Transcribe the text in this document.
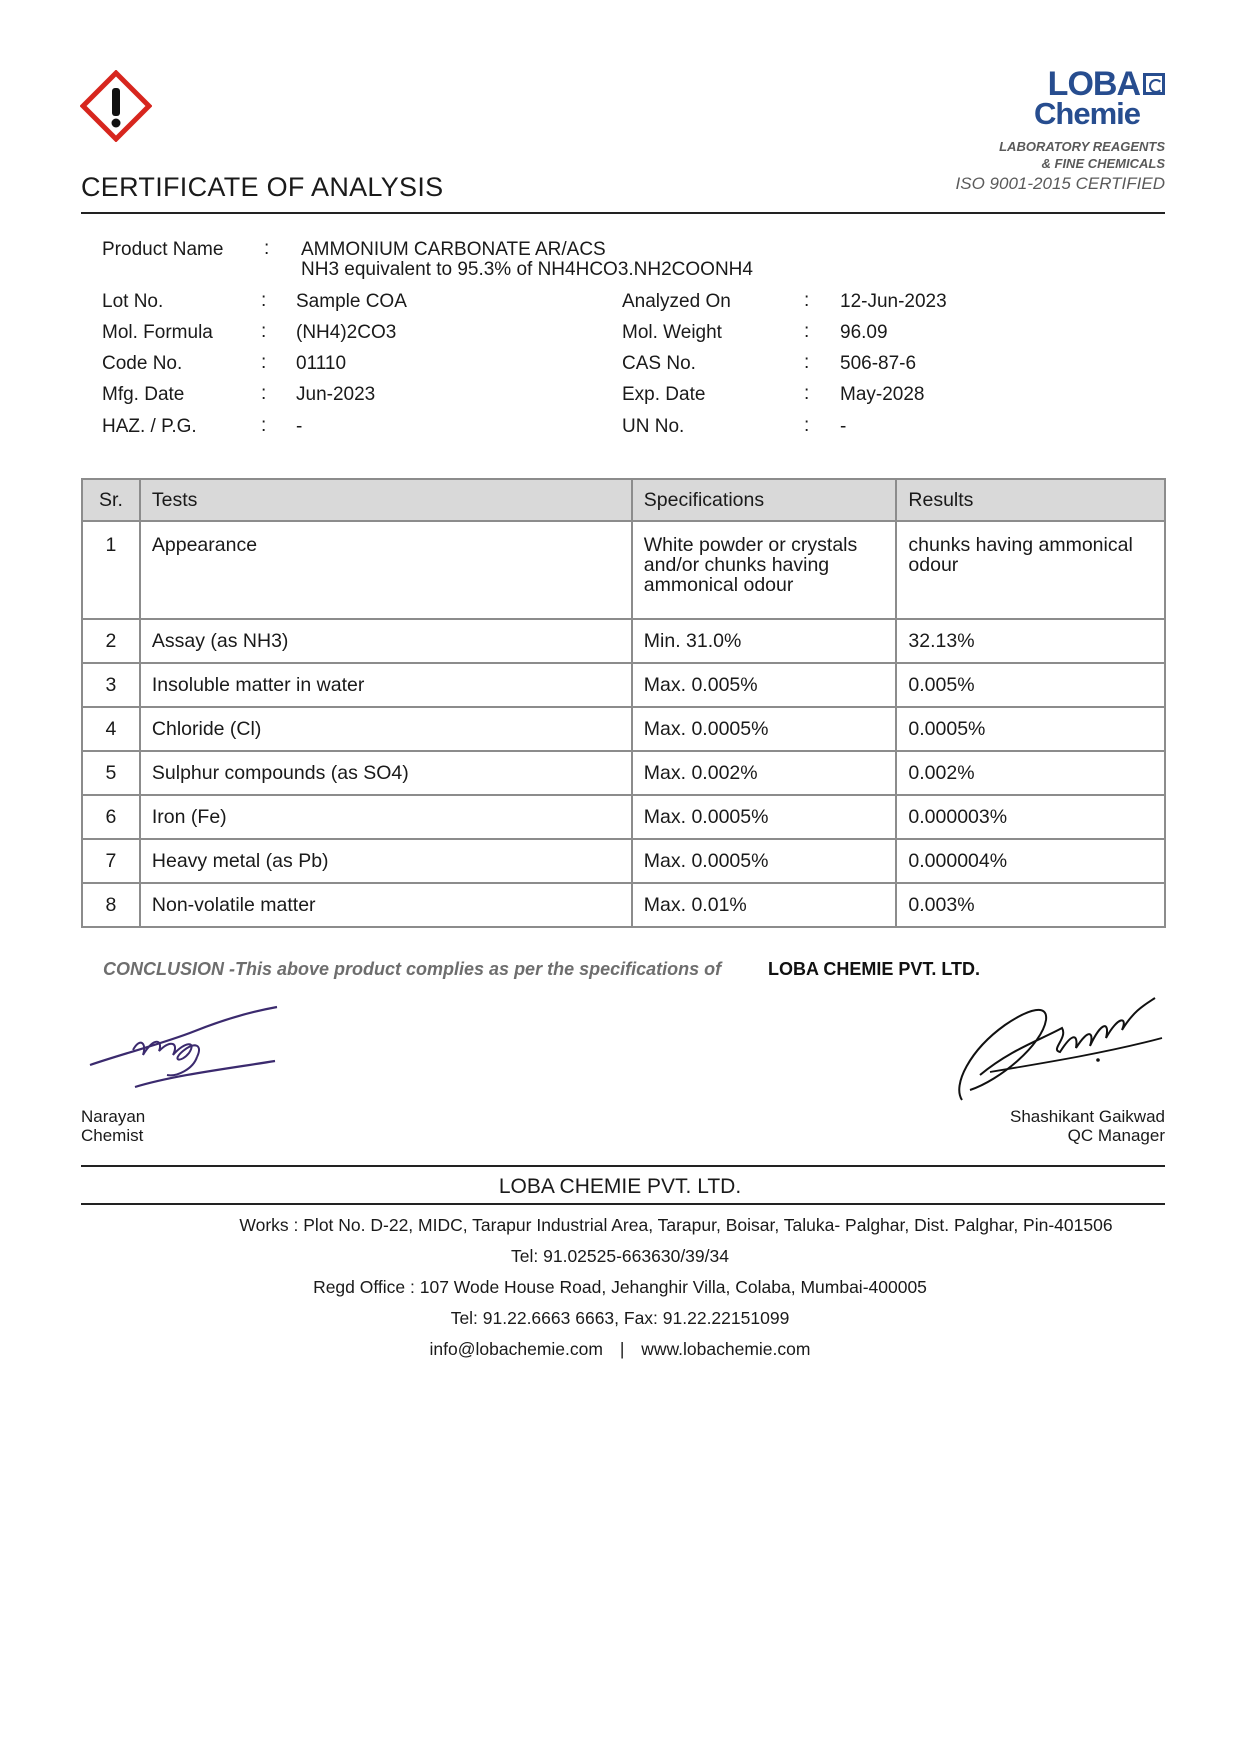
LOBA
Chemie
LABORATORY REAGENTS
& FINE CHEMICALS
ISO 9001-2015 CERTIFIED
CERTIFICATE OF ANALYSIS
Product Name : AMMONIUM CARBONATE AR/ACS
NH3 equivalent to 95.3% of NH4HCO3.NH2COONH4
Lot No.	: Sample COA
Mol. Formula	: (NH4)2CO3
Code No.	: 01110
Mfg. Date	: Jun-2023
HAZ. / P.G.	: -
Analyzed On	: 12-Jun-2023
Mol. Weight	: 96.09
CAS No.	: 506-87-6
Exp. Date	: May-2028
UN No.	: -
Sr.	Tests	Specifications	Results
1	Appearance	White powder or crystals and/or chunks having ammonical odour	chunks having ammonical odour
2	Assay (as NH3)	Min. 31.0%	32.13%
3	Insoluble matter in water	Max. 0.005%	0.005%
4	Chloride (Cl)	Max. 0.0005%	0.0005%
5	Sulphur compounds (as SO4)	Max. 0.002%	0.002%
6	Iron (Fe)	Max. 0.0005%	0.000003%
7	Heavy metal (as Pb)	Max. 0.0005%	0.000004%
8	Non-volatile matter	Max. 0.01%	0.003%
CONCLUSION -This above product complies as per the specifications of	LOBA CHEMIE PVT. LTD.
Narayan
Chemist
Shashikant Gaikwad
QC Manager
LOBA CHEMIE PVT. LTD.
Works : Plot No. D-22, MIDC, Tarapur Industrial Area, Tarapur, Boisar, Taluka- Palghar, Dist. Palghar, Pin-401506
Tel: 91.02525-663630/39/34
Regd Office : 107 Wode House Road, Jehanghir Villa, Colaba, Mumbai-400005
Tel: 91.22.6663 6663, Fax: 91.22.22151099
info@lobachemie.com | www.lobachemie.com
